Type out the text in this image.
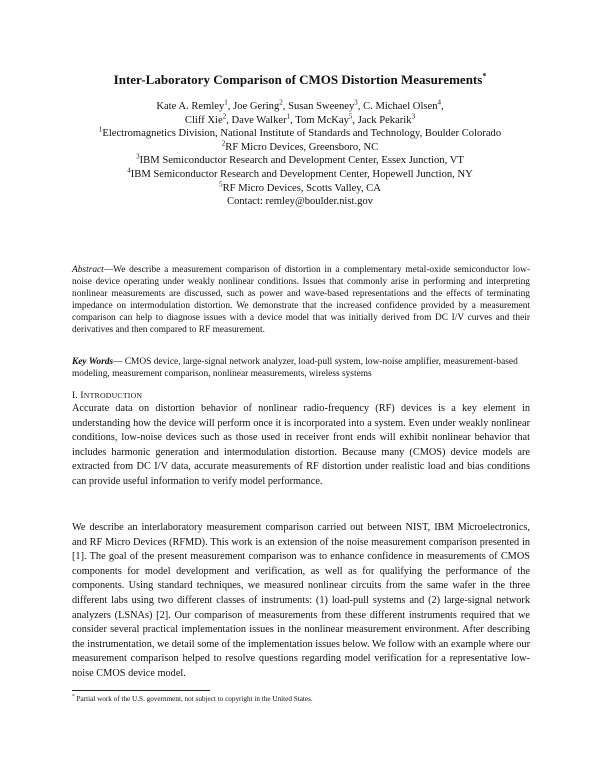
Inter-Laboratory Comparison of CMOS Distortion Measurements*
Kate A. Remley$^1$, Joe Gering$^2$, Susan Sweeney$^3$, C. Michael Olsen$^4$,
Cliff Xie$^2$, Dave Walker$^1$, Tom McKay$^5$, Jack Pekarik$^3$
$^1$Electromagnetics Division, National Institute of Standards and Technology, Boulder Colorado
$^2$RF Micro Devices, Greensboro, NC
$^3$IBM Semiconductor Research and Development Center, Essex Junction, VT
$^4$IBM Semiconductor Research and Development Center, Hopewell Junction, NY
$^5$RF Micro Devices, Scotts Valley, CA
Contact: remley@boulder.nist.gov
Abstract—We describe a measurement comparison of distortion in a complementary metal-oxide semiconductor low-noise device operating under weakly nonlinear conditions. Issues that commonly arise in performing and interpreting nonlinear measurements are discussed, such as power and wave-based representations and the effects of terminating impedance on intermodulation distortion. We demonstrate that the increased confidence provided by a measurement comparison can help to diagnose issues with a device model that was initially derived from DC I/V curves and their derivatives and then compared to RF measurement.
Key Words— CMOS device, large-signal network analyzer, load-pull system, low-noise amplifier, measurement-based modeling, measurement comparison, nonlinear measurements, wireless systems
I. INTRODUCTION
Accurate data on distortion behavior of nonlinear radio-frequency (RF) devices is a key element in understanding how the device will perform once it is incorporated into a system. Even under weakly nonlinear conditions, low-noise devices such as those used in receiver front ends will exhibit nonlinear behavior that includes harmonic generation and intermodulation distortion. Because many (CMOS) device models are extracted from DC I/V data, accurate measurements of RF distortion under realistic load and bias conditions can provide useful information to verify model performance.
We describe an interlaboratory measurement comparison carried out between NIST, IBM Microelectronics, and RF Micro Devices (RFMD). This work is an extension of the noise measurement comparison presented in [1]. The goal of the present measurement comparison was to enhance confidence in measurements of CMOS components for model development and verification, as well as for qualifying the performance of the components. Using standard techniques, we measured nonlinear circuits from the same wafer in the three different labs using two different classes of instruments: (1) load-pull systems and (2) large-signal network analyzers (LSNAs) [2]. Our comparison of measurements from these different instruments required that we consider several practical implementation issues in the nonlinear measurement environment. After describing the instrumentation, we detail some of the implementation issues below. We follow with an example where our measurement comparison helped to resolve questions regarding model verification for a representative low-noise CMOS device model.
* Partial work of the U.S. government, not subject to copyright in the United States.
